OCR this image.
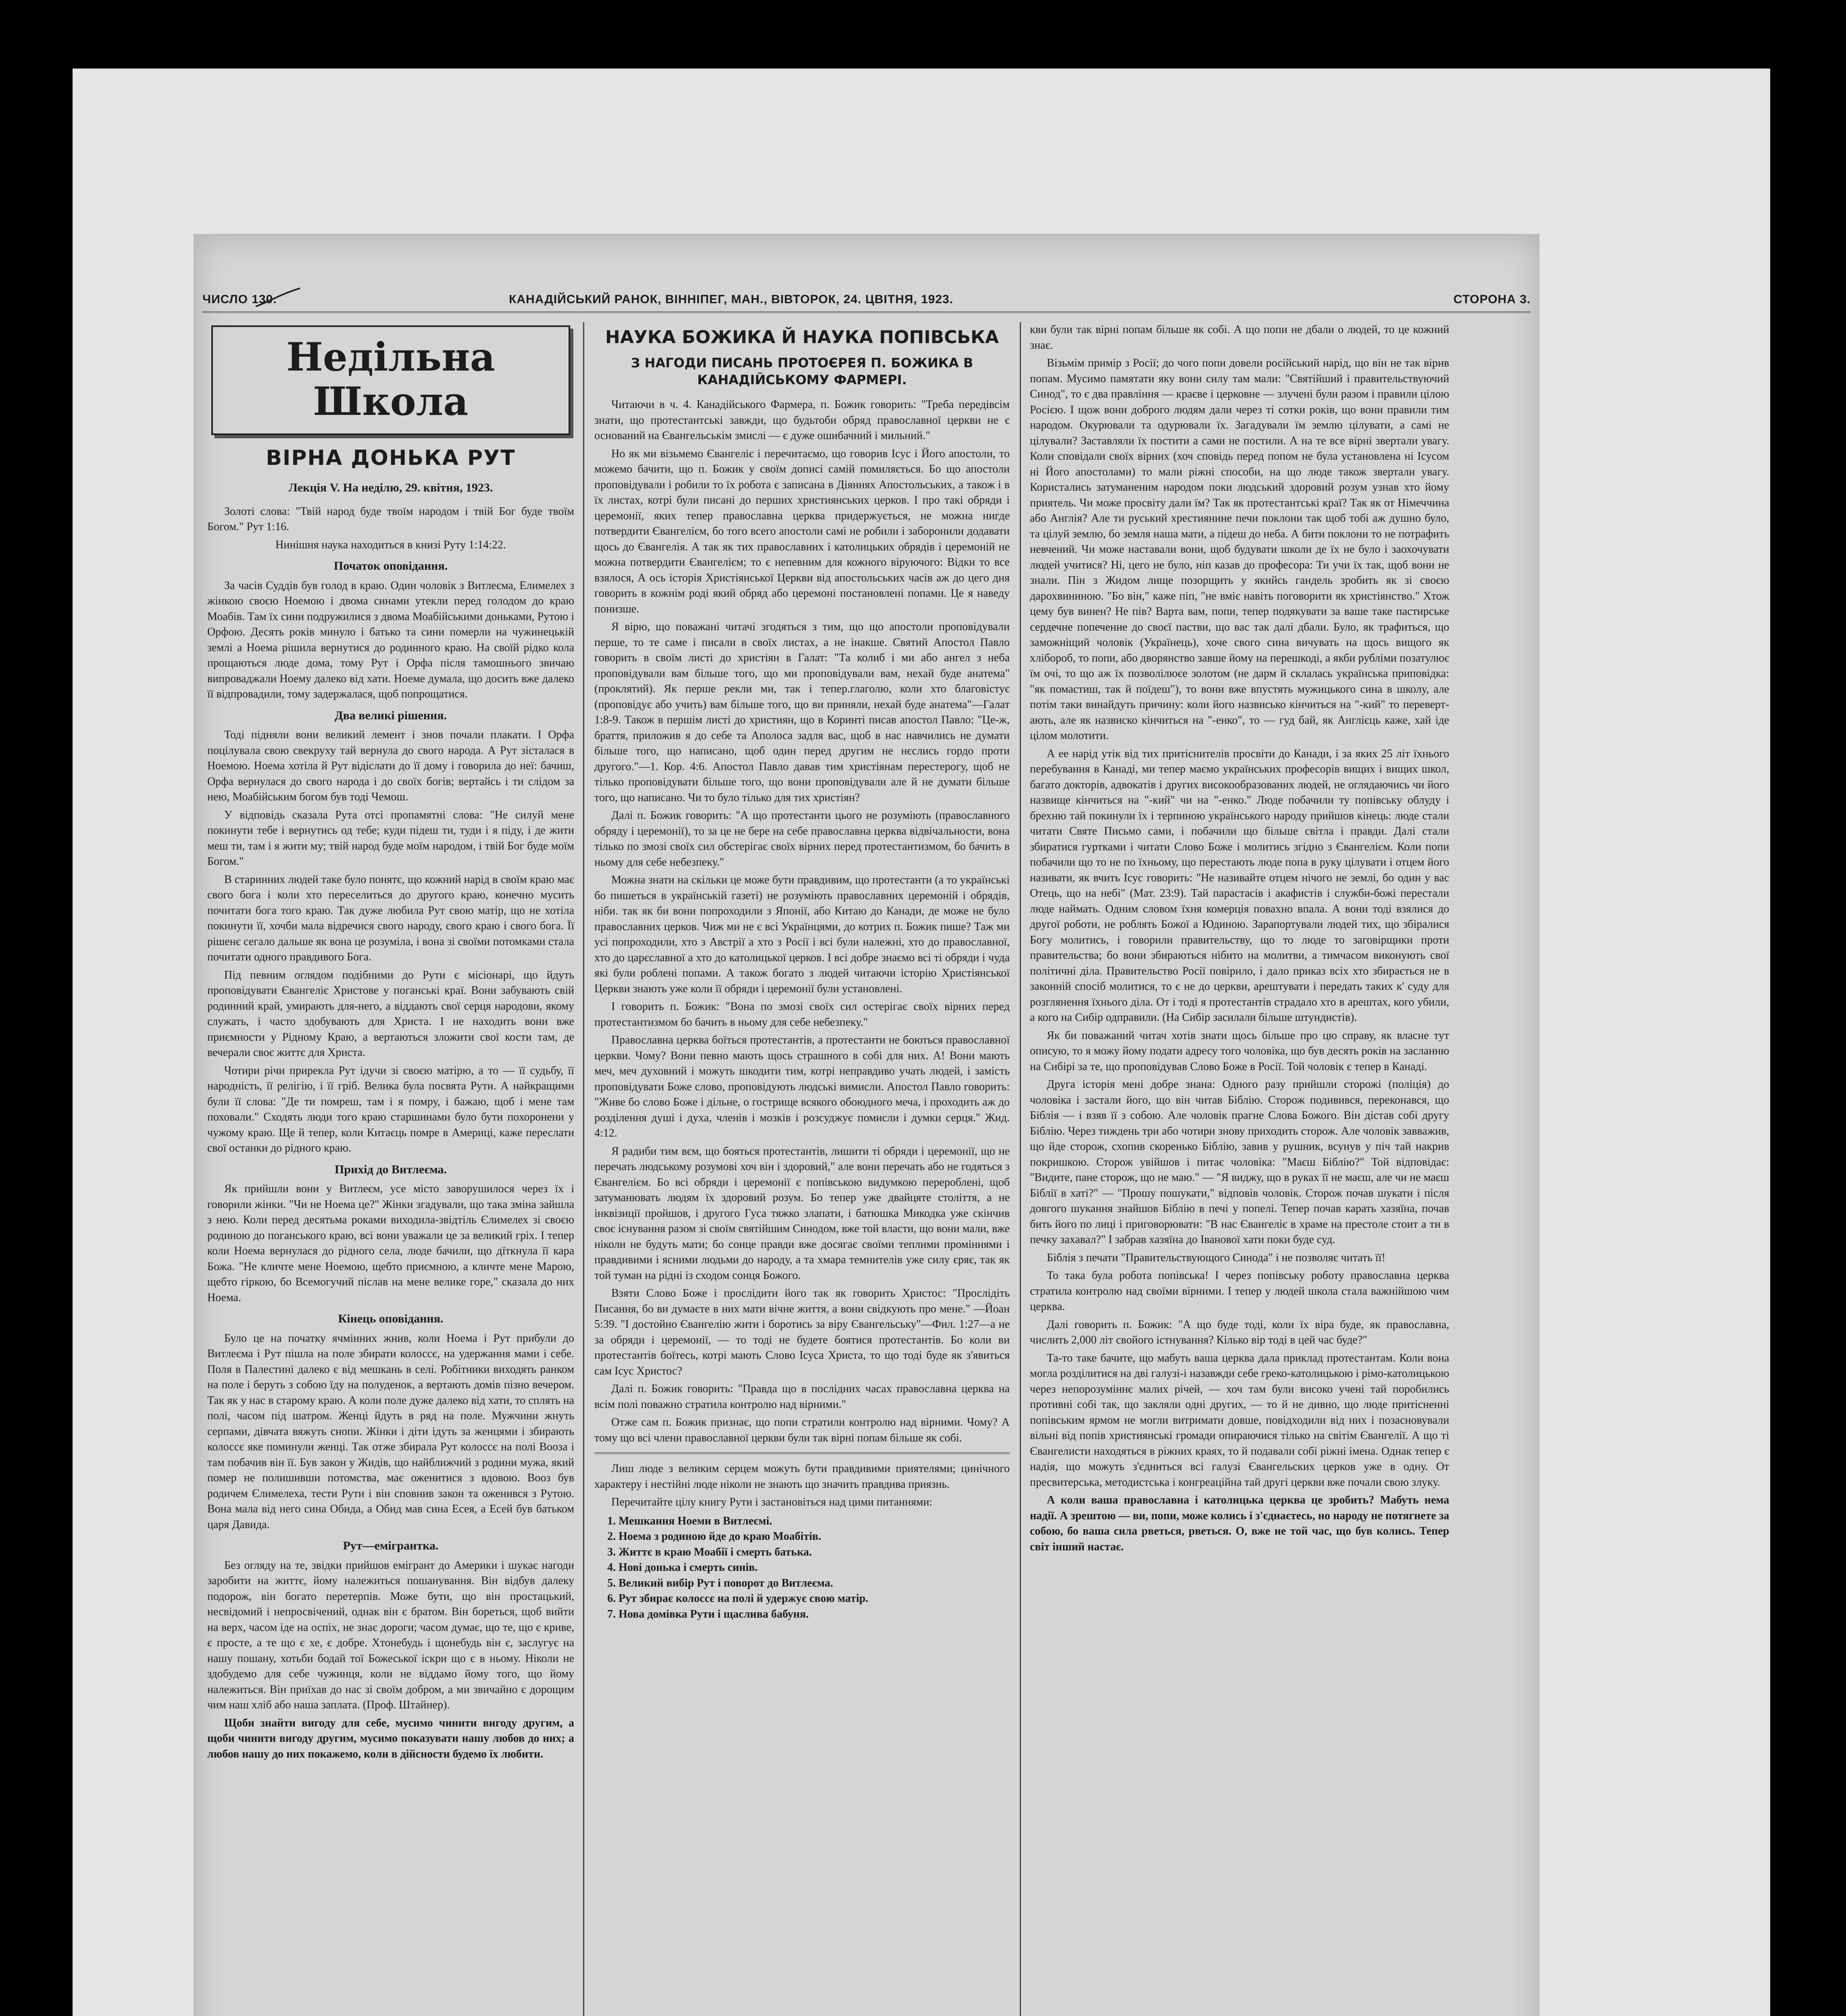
ЧИСЛО 130.	КАНАДІЙСЬКИЙ РАНОК, ВІННІПЕГ, МАН., ВІВТОРОК, 24. ЦВІТНЯ, 1923.	СТОРОНА 3.
Недільна Школа
ВІРНА ДОНЬКА РУТ
Лекція V. На неділю, 29. квітня, 1923.

Золоті слова: "Твій народ буде твоїм народом і твій Бог буде твоїм Богом." Рут 1:16.

Нинішня наука находиться в книзі Руту 1:14:22.

Початок оповідання.

За часів Суддів був голод в краю. Один чоловік з Витлеєма, Елимелех з жінкою своєю Ноемою і двома синами утекли перед голодом до краю Моабів. Там їх сини подружилися з двома Моабійськими доньками, Рутою і Орфою. Десять років минуло і батько та сини померли на чужинецькій землі а Ноема рішила вернутися до родинного краю. На своїй рідко кола прощаються люде дома, тому Рут і Орфа після тамошнього звичаю випроваджали Ноему далеко від хати. Ноеме думала, що досить вже далеко її відпровадили, тому задержалася, щоб попрощатися.

Два великі рішення.

Тоді підняли вони великий лемент і знов почали плакати. І Орфа поцілувала свою свекруху тай вернула до свого народа. А Рут зісталася в Ноемою. Ноема хотіла й Рут відіслати до її дому і говорила до неї: бачиш, Орфа вернулася до свого народа і до своїх богів; вертайсь і ти слідом за нею, Моабійським богом був тоді Чемош.

У відповідь сказала Рута отсі пропамятні слова: "Не силуй мене покинути тебе і вернутись од тебе; куди підеш ти, туди і я піду, і де жити меш ти, там і я жити му; твій народ буде моїм народом, і твій Бог буде моїм Богом."

В старинних людей таке було понятє, що кожний нарід в своїм краю має свого бога і коли хто переселиться до другого краю, конечно мусить почитати бога того краю. Так дуже любила Рут свою матір, що не хотіла покинути її, хочби мала відречися свого народу, свого краю і свого бога. Її рішенє сегало дальше як вона це розуміла, і вона зі своїми потомками стала почитати одного правдивого Бога.

Під певним оглядом подібними до Рути є місіонарі, що йдуть проповідувати Євангеліє Христове у поганські краї. Вони забувають свій родинний край, умирають для-него, а віддають свої серця народови, якому служать, і часто здобувають для Христа. І не находить вони вже приємности у Рідному Краю, а вертаються зложити свої кости там, де вечерали своє життє для Христа.

Чотири річи прирекла Рут ідучи зі своєю матірю, а то — її судьбу, її народність, її релігію, і її гріб. Велика була посвята Рути. А найкращими були її слова: "Де ти помреш, там і я помру, і бажаю, щоб і мене там поховали." Сходять люди того краю старшинами було бути похоронени у чужому краю. Ще й тепер, коли Китаєць помре в Америці, каже переслати свої останки до рідного краю.

Прихід до Витлеєма.

Як прийшли вони у Витлеєм, усе місто заворушилося через їх і говорили жінки. "Чи не Ноема це?" Жінки згадували, що така зміна зайшла з нею. Коли перед десятьма роками виходила-звідтіль Єлимелех зі своєю родиною до поганського краю, всі вони уважали це за великий гріх. І тепер коли Ноема вернулася до рідного села, люде бачили, що дїткнула її кара Божа. "Не кличте мене Ноемою, щебто приємною, а кличте мене Марою, щебто гіркою, бо Всемогучий післав на мене велике горе," сказала до них Ноема.

Кінець оповідання.

Було це на початку ячмінних жнив, коли Ноема і Рут прибули до Витлеєма і Рут пішла на поле збирати колоссє, на удержання мами і себе. Поля в Палестині далеко є від мешкань в селі. Робітники виходять ранком на поле і беруть з собою їду на полуденок, а вертають домів пізно вечером. Так як у нас в старому краю. А коли поле дуже далеко від хати, то сплять на полі, часом під шатром. Женці йдуть в ряд на поле. Мужчини жнуть серпами, дівчата вяжуть снопи. Жінки і діти ідуть за женцями і збирають колоссє яке поминули женці. Так отже збирала Рут колоссє на полі Вооза і там побачив він її. Був закон у Жидів, що найближчий з родини мужа, який помер не полишивши потомства, має оженитися з вдовою. Вооз був родичем Єлимелеха, тести Рути і він сповнив закон та оженився з Рутою. Вона мала від него сина Обида, а Обид мав сина Есея, а Есей був батьком царя Давида.

Рут—емігрантка.

Без огляду на те, звідки прийшов емігрант до Америки і шукає нагоди заробити на життє, йому належиться пошанування. Він відбув далеку подорож, він богато перетерпів. Може бути, що він простацький, несвідомий і непросвічений, однак він є братом. Він бореться, щоб вийти на верх, часом іде на оспіх, не знає дороги; часом думає, що те, що є криве, є просте, а те що є хе, є добре. Хтонебудь і щонебудь він є, заслугує на нашу пошану, хотьби бодай тої Божеської іскри що є в ньому. Ніколи не здобудемо для себе чужинця, коли не віддамо йому того, що йому належиться. Він приїхав до нас зі своїм добром, а ми звичайно є дорощим чим наш хліб або наша заплата. (Проф. Штайнер).

Щоби знайти вигоду для себе, мусимо чинити вигоду другим, а щоби чинити вигоду другим, мусимо показувати нашу любов до них; а любов нашу до них покажемо, коли в дійсности будемо їх любити.

НАУКА БОЖИКА Й НАУКА ПОПІВСЬКА
З НАГОДИ ПИСАНЬ ПРОТОЄРЕЯ П. БОЖИКА В КАНАДІЙСЬКОМУ ФАРМЕРІ.

Читаючи в ч. 4. Канадійського Фармера, п. Божик говорить: "Треба передівсім знати, що протестантські завжди, що будьтоби обряд православної церкви не є оснований на Євангельськім змислі — є дуже ошибачний і мильний."

Но як ми візьмемо Євангеліє і перечитаємо, що говорив Ісус і Його апостоли, то можемо бачити, що п. Божик у своїм дописі самій помиляється. Бо що апостоли проповідували і робили то їх робота є записана в Діяннях Апостольських, а також і в їх листах, котрі були писані до перших християнських церков. І про такі обряди і церемонії, яких тепер православна церква придержується, не можна нигде потвердити Євангелієм, бо того всего апостоли самі не робили і заборонили додавати щось до Євангелія. А так як тих православних і католицьких обрядів і церемоній не можна потвердити Євангелієм; то є непевним для кожного віруючого: Відки то все взялося, А ось історія Христіянської Церкви від апостольських часів аж до цего дня говорить в кожнім роді який обряд або церемоні постановлені попами. Це я наведу понизше.

Я вірю, що поважані читачі згодяться з тим, що що апостоли проповідували перше, то те саме і писали в своїх листах, а не інакше. Святий Апостол Павло говорить в своїм листі до христіян в Галат: "Та колиб і ми або ангел з неба проповідували вам більше того, що ми проповідували вам, нехай буде анатема" (проклятий). Як перше рекли ми, так і тепер.глаголю, коли хто благовістує (проповідує або учить) вам більше того, що ви приняли, нехай буде анатема"—Галат 1:8-9. Також в першім листі до християн, що в Коринті писав апостол Павло: "Це-ж, браття, приложив я до себе та Аполоса задля вас, щоб в нас навчились не думати більше того, що написано, щоб один перед другим не нєслись гордо проти другого."—1. Кор. 4:6. Апостол Павло давав тим христіянам перестерогу, щоб не тілько проповідувати більше того, що вони проповідували але й не думати більше того, що написано. Чи то було тілько для тих христіян?

Далі п. Божик говорить: "А що протестанти цього не розуміють (православного обряду і церемонії), то за це не бере на себе православна церква відвічальности, вона тілько по змозі своїх сил обстерігає своїх вірних перед протестантизмом, бо бачить в ньому для себе небезпеку."

Можна знати на скільки це може бути правдивим, що протестанти (а то українські бо пишеться в українській газеті) не розуміють православних церемоній і обрядів, ніби. так як би вони попроходили з Японії, або Китаю до Канади, де може не було православних церков. Чиж ми не є всі Українцями, до котрих п. Божик пише? Таж ми усі попроходили, хто з Австрії а хто з Росії і всі були належні, хто до православної, хто до царєславної а хто до католицької церков. І всі добре знаємо всі ті обряди і чуда які були роблені попами. А також богато з людей читаючи історію Христіянської Церкви знають уже коли її обряди і церемонії були установлені.

І говорить п. Божик: "Вона по змозі своїх сил остерігає своїх вірних перед протестантизмом бо бачить в ньому для себе небезпеку."

Православна церква боїться протестантів, а протестанти не боються православної церкви. Чому? Вони певно мають щось страшного в собі для них. А! Вони мають меч, меч духовний і можуть шкодити тим, котрі неправдиво учать людей, і замість проповідувати Боже слово, проповідують людські вимисли. Апостол Павло говорить: "Живе бо слово Боже і дільне, о гострище всякого обоюдного меча, і проходить аж до розділення душі і духа, членів і мозків і розсуджує помисли і думки серця." Жид. 4:12.

Я радиби тим вєм, що бояться протестантів, лишити ті обряди і церемонії, що не перечать людському розумові хоч він і здоровий," але вони перечать або не годяться з Євангелієм. Бо всі обряди і церемонії є попівською видумкою перероблені, щоб затуманювать людям їх здоровий розум. Бо тепер уже двайцяте століття, а не інквізиції пройшов, і другого Гуса тяжко злапати, і батюшка Микодка уже скінчив своє існування разом зі своїм святійшим Синодом, вже той власти, що вони мали, вже ніколи не будуть мати; бо сонце правди вже досягає своїми теплими проміннями і правдивими і ясними людьми до народу, а та хмара темнителів уже силу єряє, так як той туман на рідні із сходом сонця Божого.

Взяти Слово Боже і прослідити його так як говорить Христос: "Прослідіть Писання, бо ви думаєте в них мати вічне життя, а вони свідкують про мене." —Йоан 5:39. "І достойно Євангелію жити і боротись за віру Євангельську"—Фил. 1:27—а не за обряди і церемонії, — то тоді не будете боятися протестантів. Бо коли ви протестантів боїтесь, котрі мають Слово Ісуса Христа, то що тоді буде як з'явиться сам Ісус Христос?

Далі п. Божик говорить: "Правда що в послідних часах православна церква на всім полі поважно стратила контролю над вірними."

Отже сам п. Божик признає, що попи стратили контролю над вірними. Чому? А тому що всі члени православної церкви були так вірні попам більше як собі.

Лиш люде з великим серцем можуть бути правдивими приятелями; цинічного характеру і нестійні люде ніколи не знають що значить правдива приязнь.

Перечитайте цілу книгу Рути і застановіться над цими питаннями:

1. Мешкання Ноеми в Витлеємі.
2. Ноема з родиною йде до краю Моабітів.
3. Життє в краю Моабії і смерть батька.
4. Нові донька і смерть синів.
5. Великий вибір Рут і поворот до Витлеєма.
6. Рут збирає колоссє на полі й удержує свою матір.
7. Нова домівка Рути і щаслива бабуня.

кви були так вірні попам більше як собі. А що попи не дбали о людей, то це кожний знає.

Візьмім примір з Росії; до чого попи довели російський нарід, що він не так вірив попам. Мусимо памятати яку вони силу там мали: "Святійший і правительствуючий Синод", то є два правління — краєве і церковне — злучені були разом і правили цілою Росією. І щож вони доброго людям дали через ті сотки років, що вони правили тим народом. Окурювали та одурювали їх. Загадували їм землю цілувати, а самі не цілували? Заставляли їх постити а сами не постили. А на те все вірні звертали увагу. Коли сповідали своїх вірних (хоч сповідь перед попом не була установлена ні Ісусом ні Його апостолами) то мали ріжні способи, на що люде також звертали увагу. Користались затуманеним народом поки людський здоровий розум узнав хто йому приятель. Чи може просвіту дали їм? Так як протестантські краї? Так як от Німеччина або Англія? Але ти руський хрестиянине печи поклони так щоб тобі аж душно було, та цілуй землю, бо земля наша мати, а підеш до неба. А бити поклони то не потрафить невчений. Чи може наставали вони, щоб будувати школи де їх не було і заохочувати людей учитися? Ні, цего не було, ніп казав до професора: Ти учи їх так, щоб вони не знали. Пін з Жидом лище позорщить у якийсь гандель зробить як зі своєю дарохвининою. "Бо він," каже піп, "не вміє навіть поговорити як христіянство." Хтож цему був винен? Не пів? Варта вам, попи, тепер подякувати за ваше таке пастирське сердечне попечение до своєї пастви, що вас так далі дбали. Було, як трафиться, що заможніщий чоловік (Українець), хоче свого сина вичувать на щось вищого як хлібороб, то попи, або дворянство завше йому на перешкоді, а якби рубліми позатулює їм очі, то що аж їх позволілюєе золотом (не дарм й склалась українська приповідка: "як помастиш, так й поїдеш"), то вони вже впустять мужицького сина в школу, але потім таки винайдуть причину: коли його назвисько кінчиться на "-кий" то перевертають, але як назвиско кінчиться на "-енко", то — гуд бай, як Англієць каже, хай іде цілом молотити.

А ее нарід утік від тих притіснителів просвіти до Канади, і за яких 25 літ їхнього перебування в Канаді, ми тепер маємо українських професорів вищих і вищих школ, багато докторів, адвокатів і других високообразованих людей, не оглядаючись чи його назвище кінчиться на "-кий" чи на "-енко." Люде побачили ту попівську облуду і брехню тай покинули їх і терпиною українського народу прийшов кінець: люде стали читати Святе Письмо сами, і побачили що більше світла і правди. Далі стали збиратися гуртками і читати Слово Боже і молитись згідно з Євангелієм. Коли попи побачили що то не по їхньому, що перестають люде попа в руку цілувати і отцем його називати, як вчить Ісус говорить: "Не називайте отцем нічого не землі, бо один у вас Отець, що на небі" (Мат. 23:9). Тай парастасів і акафистів і служби-божі перестали люде наймать. Одним словом їхня комерція повахно впала. А вони тоді взялися до другої роботи, не роблять Божої а Юдиною. Зарапортували людей тих, що збіралися Богу молитись, і говорили правительству, що то люде то заговірщики проти правительства; бо вони збираються нібито на молитви, а тимчасом виконують свої політичні діла. Правительство Росії повірило, і дало приказ всіх хто збирається не в законній спосіб молитися, то є не до церкви, арештувати і передать таких к' суду для розглянення їхнього діла. От і тоді я протестантів страдало хто в арештах, кого убили, а кого на Сибір одправили. (На Сибір засилали більше штундистів).

Як би поважаний читач хотів знати щось більше про цю справу, як власне тут описую, то я можу йому подати адресу того чоловіка, що був десять років на засланню на Сибірі за те, що проповідував Слово Боже в Росії. Той чоловік є тепер в Канаді.

Друга історія мені добре знана: Одного разу прийшли сторожі (поліція) до чоловіка і застали його, що він читав Біблію. Сторож подивився, переконався, що Біблія — і взяв її з собою. Але чоловік прагне Слова Божого. Він дістав собі другу Біблію. Через тиждень три або чотири знову приходить сторож. Але чоловік завважив, що йде сторож, схопив скоренько Біблію, завив у рушник, всунув у піч тай накрив покришкою. Сторож увійшов і питає чоловіка: "Маєш Біблію?" Той відповідає: "Видите, пане сторож, що не маю." — "Я виджу, що в руках її не маєш, але чи не маєш Біблії в хаті?" — "Прошу пошукати," відповів чоловік. Сторож почав шукати і після довгого шукання знайшов Біблію в печі у попелі. Тепер почав карать хазяїна, почав бить його по лиці і приговорювати: "В нас Євангеліє в храме на престоле стоит а ти в печку захавал?" І забрав хазяїна до Іванової хати поки буде суд.

Біблія з печати "Правительствующого Синода" і не позволяє читать її!

То така була робота попівська! І через попівську роботу православна церква стратила контролю над своїми вірними. І тепер у людей школа стала важнійшою чим церква.

Далі говорить п. Божик: "А що буде тоді, коли їх віра буде, як православна, числить 2,000 літ свойого істнування? Кілько вір тоді в цей час буде?"

Та-то таке бачите, що мабуть ваша церква дала приклад протестантам. Коли вона могла розділитися на дві галузі-і назавжди себе греко-католицькою і рімо-католицькою через непорозуміннє малих річей, — хоч там були високо учені тай поробились противні собі так, що закляли одні других, — то й не дивно, що люде притісненні попівським ярмом не могли витримати довше, повідходили від них і позасновували вільні від попів християнські громади опираючися тілько на світім Євангелії. А що ті Євангелисти находяться в ріжних краях, то й подавали собі ріжні імена. Однак тепер є надія, що можуть з'єдниться всі галузі Євангельских церков уже в одну. От пресвитерська, методистська і конгреаційна тай другі церкви вже почали свою злуку.

А коли ваша православна і католицька церква це зробить? Мабуть нема надії. А зрештою — ви, попи, може колись і з'єднаєтесь, но народу не потягнете за собою, бо ваша сила рветься, рветься. О, вже не той час, що був колись. Тепер світ інший настає.
